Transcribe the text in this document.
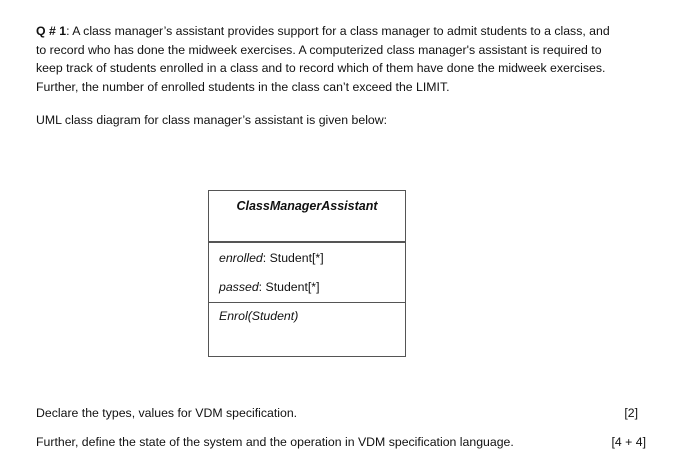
Q # 1: A class manager’s assistant provides support for a class manager to admit students to a class, and

to record who has done the midweek exercises. A computerized class manager's assistant is required to

keep track of students enrolled in a class and to record which of them have done the midweek exercises.

Further, the number of enrolled students in the class can’t exceed the LIMIT.

UML class diagram for class manager’s assistant is given below:

ClassManagerAssistant
enrolled: Student[*]
passed: Student[*]
Enrol(Student)
Declare the types, values for VDM specification.	[2]
Further, define the state of the system and the operation in VDM specification language.	[4 + 4]
